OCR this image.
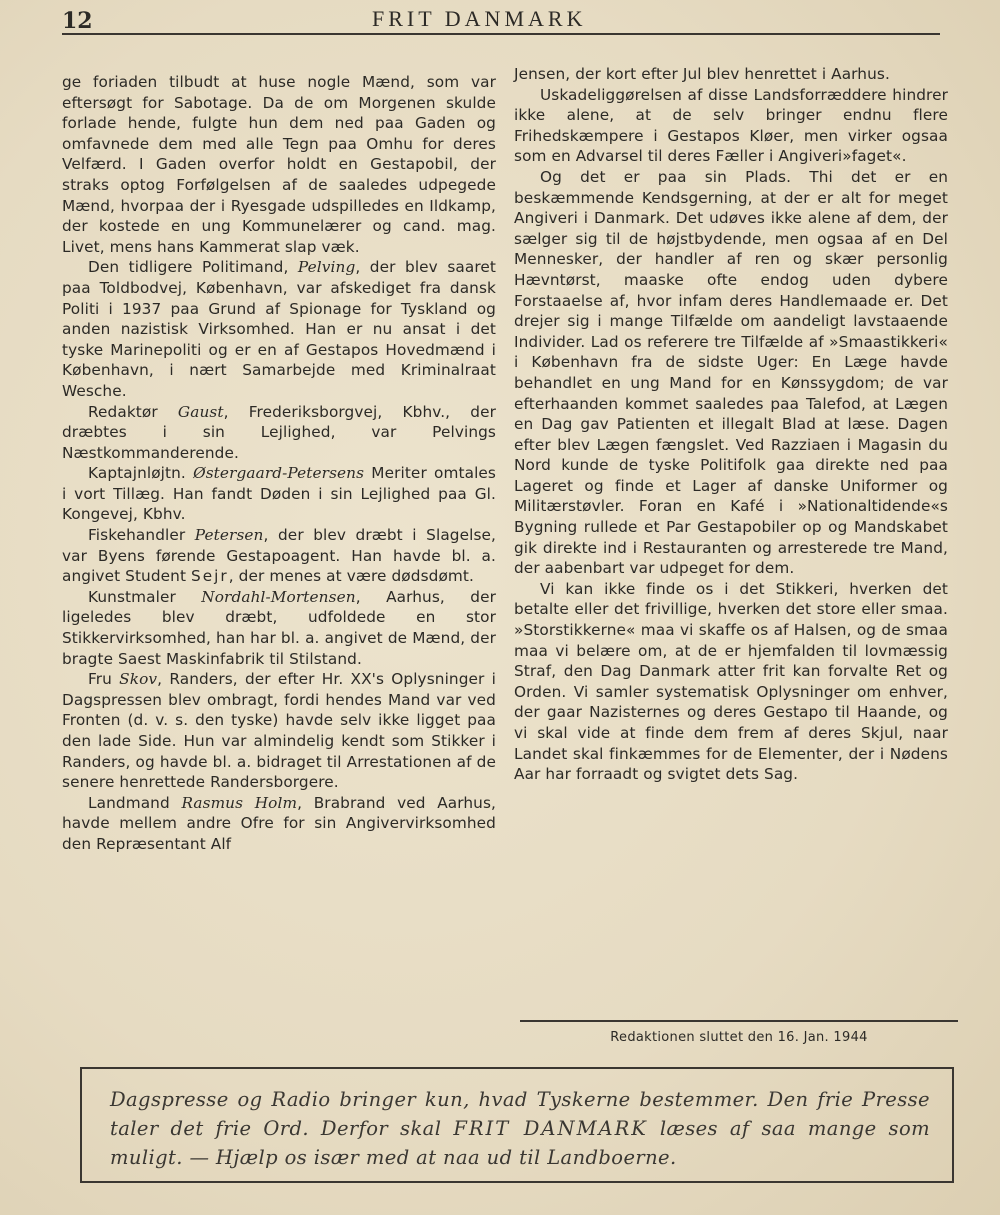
12	FRIT DANMARK

ge foriaden tilbudt at huse nogle Mænd, som var eftersøgt for Sabotage. Da de om Morgenen skulde forlade hende, fulgte hun dem ned paa Gaden og omfavnede dem med alle Tegn paa Omhu for deres Velfærd. I Gaden overfor holdt en Gestapobil, der straks optog Forfølgelsen af de saaledes udpegede Mænd, hvorpaa der i Ryesgade udspilledes en Ildkamp, der kostede en ung Kommunelærer og cand. mag. Livet, mens hans Kammerat slap væk.

Den tidligere Politimand, Pelving, der blev saaret paa Toldbodvej, København, var afskediget fra dansk Politi i 1937 paa Grund af Spionage for Tyskland og anden nazistisk Virksomhed. Han er nu ansat i det tyske Marinepoliti og er en af Gestapos Hovedmænd i København, i nært Samarbejde med Kriminalraat Wesche.

Redaktør Gaust, Frederiksborgvej, Kbhv., der dræbtes i sin Lejlighed, var Pelvings Næstkommanderende.

Kaptajnløjtn. Østergaard-Petersens Meriter omtales i vort Tillæg. Han fandt Døden i sin Lejlighed paa Gl. Kongevej, Kbhv.

Fiskehandler Petersen, der blev dræbt i Slagelse, var Byens førende Gestapoagent. Han havde bl. a. angivet Student Sejr, der menes at være dødsdømt.

Kunstmaler Nordahl-Mortensen, Aarhus, der ligeledes blev dræbt, udfoldede en stor Stikkervirksomhed, han har bl. a. angivet de Mænd, der bragte Saest Maskinfabrik til Stilstand.

Fru Skov, Randers, der efter Hr. XX's Oplysninger i Dagspressen blev ombragt, fordi hendes Mand var ved Fronten (d. v. s. den tyske) havde selv ikke ligget paa den lade Side. Hun var almindelig kendt som Stikker i Randers, og havde bl. a. bidraget til Arrestationen af de senere henrettede Randersborgere.

Landmand Rasmus Holm, Brabrand ved Aarhus, havde mellem andre Ofre for sin Angivervirksomhed den Repræsentant Alf

Jensen, der kort efter Jul blev henrettet i Aarhus.

Uskadeliggørelsen af disse Landsforræddere hindrer ikke alene, at de selv bringer endnu flere Frihedskæmpere i Gestapos Kløer, men virker ogsaa som en Advarsel til deres Fæller i Angiveri»faget«.

Og det er paa sin Plads. Thi det er en beskæmmende Kendsgerning, at der er alt for meget Angiveri i Danmark. Det udøves ikke alene af dem, der sælger sig til de højstbydende, men ogsaa af en Del Mennesker, der handler af ren og skær personlig Hævntørst, maaske ofte endog uden dybere Forstaaelse af, hvor infam deres Handlemaade er. Det drejer sig i mange Tilfælde om aandeligt lavstaaende Individer. Lad os referere tre Tilfælde af »Smaastikkeri« i København fra de sidste Uger: En Læge havde behandlet en ung Mand for en Kønssygdom; de var efterhaanden kommet saaledes paa Talefod, at Lægen en Dag gav Patienten et illegalt Blad at læse. Dagen efter blev Lægen fængslet. Ved Razziaen i Magasin du Nord kunde de tyske Politifolk gaa direkte ned paa Lageret og finde et Lager af danske Uniformer og Militærstøvler. Foran en Kafé i »Nationaltidende«s Bygning rullede et Par Gestapobiler op og Mandskabet gik direkte ind i Restauranten og arresterede tre Mand, der aabenbart var udpeget for dem.

Vi kan ikke finde os i det Stikkeri, hverken det betalte eller det frivillige, hverken det store eller smaa. »Storstikkerne« maa vi skaffe os af Halsen, og de smaa maa vi belære om, at de er hjemfalden til lovmæssig Straf, den Dag Danmark atter frit kan forvalte Ret og Orden. Vi samler systematisk Oplysninger om enhver, der gaar Nazisternes og deres Gestapo til Haande, og vi skal vide at finde dem frem af deres Skjul, naar Landet skal finkæmmes for de Elementer, der i Nødens Aar har forraadt og svigtet dets Sag.

Redaktionen sluttet den 16. Jan. 1944
Dagspresse og Radio bringer kun, hvad Tyskerne bestemmer. Den frie Presse taler det frie Ord. Derfor skal FRIT DANMARK læses af saa mange som muligt. — Hjælp os især med at naa ud til Landboerne.
